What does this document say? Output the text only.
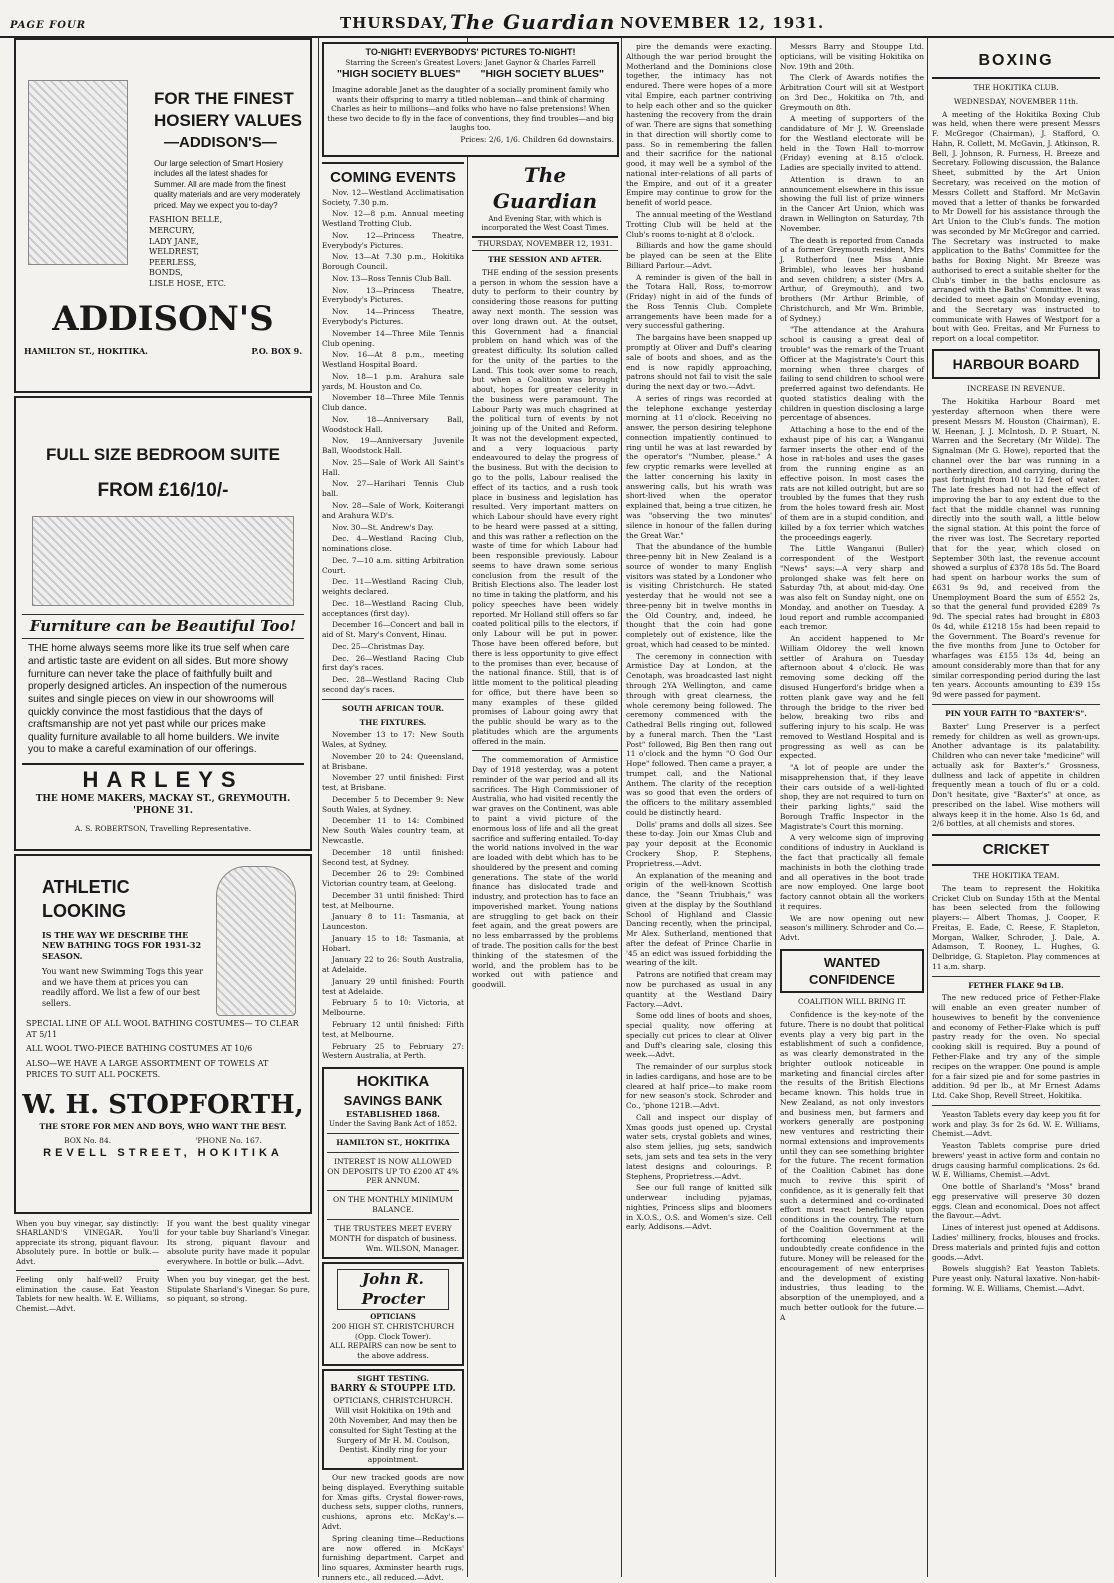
PAGE FOUR	THURSDAY, The Guardian NOVEMBER 12, 1931.
FOR THE FINEST
HOSIERY VALUES
—ADDISON'S—
Our large selection of Smart Hosiery includes all the latest shades for Summer. All are made from the finest quality materials and are very moderately priced. May we expect you to-day?
FASHION BELLE,
MERCURY,
LADY JANE,
WELDREST,
PEERLESS,
BONDS,
LISLE HOSE, ETC.
ADDISON'S
HAMILTON ST., HOKITIKA.	P.O. BOX 9.
FULL SIZE BEDROOM SUITE
FROM £16/10/-
Furniture can be Beautiful Too!
THE home always seems more like its true self when care and artistic taste are evident on all sides. But more showy furniture can never take the place of faithfully built and properly designed articles. An inspection of the numerous suites and single pieces on view in our showrooms will quickly convince the most fastidious that the days of craftsmanship are not yet past while our prices make quality furniture available to all home builders. We invite you to make a careful examination of our offerings.
HARLEYS
THE HOME MAKERS, MACKAY ST., GREYMOUTH. 'PHONE 31.
A. S. ROBERTSON, Travelling Representative.
ATHLETIC
LOOKING
IS THE WAY WE DESCRIBE THE NEW BATHING TOGS FOR 1931-32 SEASON.
You want new Swimming Togs this year and we have them at prices you can readily afford. We list a few of our best sellers.
SPECIAL LINE OF ALL WOOL BATHING COSTUMES— TO CLEAR AT 5/11
ALL WOOL TWO-PIECE BATHING COSTUMES AT 10/6
ALSO—WE HAVE A LARGE ASSORTMENT OF TOWELS AT PRICES TO SUIT ALL POCKETS.
W. H. STOPFORTH,
THE STORE FOR MEN AND BOYS, WHO WANT THE BEST.
BOX No. 84.	'PHONE No. 167.
REVELL STREET, HOKITIKA
When you buy vinegar, say distinctly: SHARLAND'S VINEGAR. You'll appreciate its strong, piquant flavour. Absolutely pure. In bottle or bulk.—Advt.
Feeling only half-well? Fruity elimination the cause. Eat Yeaston Tablets for new health. W. E. Williams, Chemist.—Advt.
If you want the best quality vinegar for your table buy Sharland's Vinegar. Its strong, piquant flavour and absolute purity have made it popular everywhere. In bottle or bulk.—Advt.
When you buy vinegar, get the best. Stipulate Sharland's Vinegar. So pure, so piquant, so strong.
TO-NIGHT! EVERYBODYS' PICTURES TO-NIGHT!
Starring the Screen's Greatest Lovers: Janet Gaynor & Charles Farrell
"HIGH SOCIETY BLUES" "HIGH SOCIETY BLUES"
Imagine adorable Janet as the daughter of a socially prominent family who wants their offspring to marry a titled nobleman—and think of charming Charles as heir to millions—and folks who have no false pretensions! When these two decide to fly in the face of conventions, they find troubles—and big laughs too.
Prices: 2/6, 1/6. Children 6d downstairs.
COMING EVENTS
Nov. 12—Westland Acclimatisation Society, 7.30 p.m.
Nov. 12—8 p.m. Annual meeting Westland Trotting Club.
Nov. 12—Princess Theatre, Everybody's Pictures.
Nov. 13—At 7.30 p.m., Hokitika Borough Council.
Nov. 13—Ross Tennis Club Ball.
Nov. 13—Princess Theatre, Everybody's Pictures.
Nov. 14—Princess Theatre, Everybody's Pictures.
November 14—Three Mile Tennis Club opening.
Nov. 16—At 8 p.m., meeting Westland Hospital Board.
Nov. 18—1 p.m. Arahura sale yards, M. Houston and Co.
November 18—Three Mile Tennis Club dance.
Nov. 18—Anniversary Ball, Woodstock Hall.
Nov. 19—Anniversary Juvenile Ball, Woodstock Hall.
Nov. 25—Sale of Work All Saint's Hall.
Nov. 27—Harihari Tennis Club ball.
Nov. 28—Sale of Work, Koiterangi and Arahura W.D's.
Nov. 30—St. Andrew's Day.
Dec. 4—Westland Racing Club, nominations close.
Dec. 7—10 a.m. sitting Arbitration Court.
Dec. 11—Westland Racing Club, weights declared.
Dec. 18—Westland Racing Club, acceptances (first day).
December 16—Concert and ball in aid of St. Mary's Convent, Hinau.
Dec. 25—Christmas Day.
Dec. 26—Westland Racing Club first day's races.
Dec. 28—Westland Racing Club second day's races.
SOUTH AFRICAN TOUR.
THE FIXTURES.
November 13 to 17: New South Wales, at Sydney.
November 20 to 24: Queensland, at Brisbane.
November 27 until finished: First test, at Brisbane.
December 5 to December 9: New South Wales, at Sydney.
December 11 to 14: Combined New South Wales country team, at Newcastle.
December 18 until finished: Second test, at Sydney.
December 26 to 29: Combined Victorian country team, at Geelong.
December 31 until finished: Third test, at Melbourne.
January 8 to 11: Tasmania, at Launceston.
January 15 to 18: Tasmania, at Hobart.
January 22 to 26: South Australia, at Adelaide.
January 29 until finished: Fourth test at Adelaide.
February 5 to 10: Victoria, at Melbourne.
February 12 until finished: Fifth test, at Melbourne.
February 25 to February 27: Western Australia, at Perth.
HOKITIKA
SAVINGS BANK
ESTABLISHED 1868.
Under the Saving Bank Act of 1852.
HAMILTON ST., HOKITIKA
INTEREST IS NOW ALLOWED ON DEPOSITS UP TO £200 AT 4% PER ANNUM.
ON THE MONTHLY MINIMUM BALANCE.
THE TRUSTEES MEET EVERY MONTH for dispatch of business.
Wm. WILSON, Manager.
John R. Procter
OPTICIANS
200 HIGH ST. CHRISTCHURCH
(Opp. Clock Tower).
ALL REPAIRS can now be sent to the above address.
SIGHT TESTING.
BARRY & STOUPPE LTD.
OPTICIANS, CHRISTCHURCH.
Will visit Hokitika on 19th and 20th November, And may then be consulted for Sight Testing at the Surgery of Mr H. M. Coulson, Dentist. Kindly ring for your appointment.
Our new tracked goods are now being displayed. Everything suitable for Xmas gifts. Crystal flower-rows, duchess sets, supper cloths, runners, cushions, aprons etc. McKay's.—Advt.
Spring cleaning time—Reductions are now offered in McKays' furnishing department. Carpet and lino squares, Axminster hearth rugs, runners etc., all reduced.—Advt.
The Guardian
And Evening Star, with which is incorporated the West Coast Times.
THURSDAY, NOVEMBER 12, 1931.
THE SESSION AND AFTER.
THE ending of the session presents a person in whom the session have a duty to perform to their country by considering those reasons for putting away next month. The session was over long drawn out. At the outset, this Government had a financial problem on hand which was of the greatest difficulty. Its solution called for the unity of the parties to the Land. This took over some to reach, but when a Coalition was brought about, hopes for greater celerity in the business were paramount. The Labour Party was much chagrined at the political turn of events by not joining up of the United and Reform. It was not the development expected, and a very loquacious party endeavoured to delay the progress of the business. But with the decision to go to the polls, Labour realised the effect of its tactics, and a rush took place in business and legislation has resulted. Very important matters on which Labour should have every right to be heard were passed at a sitting, and this was rather a reflection on the waste of time for which Labour had been responsible previously. Labour seems to have drawn some serious conclusion from the result of the British Elections also. The leader lost no time in taking the platform, and his policy speeches have been widely reported. Mr Holland still offers so far coated political pills to the electors, if only Labour will be put in power. Those have been offered before, but there is less opportunity to give effect to the promises than ever, because of the national finance. Still, that is of little moment to the political pleading for office, but there have been so many examples of these gilded promises of Labour going awry that the public should be wary as to the platitudes which are the arguments offered in the main.
The commemoration of Armistice Day of 1918 yesterday, was a potent reminder of the war period and all its sacrifices. The High Commissioner of Australia, who had visited recently the war graves on the Continent, was able to paint a vivid picture of the enormous loss of life and all the great sacrifice and suffering entailed. To-day the world nations involved in the war are loaded with debt which has to be shouldered by the present and coming generations. The state of the world finance has dislocated trade and industry, and protection has to face an impoverished market. Young nations are struggling to get back on their feet again, and the great powers are no less embarrassed by the problems of trade. The position calls for the best thinking of the statesmen of the world, and the problem has to be worked out with patience and goodwill.
pire the demands were exacting. Although the war period brought the Motherland and the Dominions close together, the intimacy has not endured. There were hopes of a more vital Empire, each partner contriving to help each other and so the quicker hastening the recovery from the drain of war. There are signs that something in that direction will shortly come to pass. So in remembering the fallen and their sacrifice for the national good, it may well be a symbol of the national inter-relations of all parts of the Empire, and out of it a greater Empire may continue to grow for the benefit of world peace.
The annual meeting of the Westland Trotting Club will be held at the Club's rooms to-night at 8 o'clock.
Billiards and how the game should be played can be seen at the Elite Billiard Parlour.—Advt.
A reminder is given of the ball in the Totara Hall, Ross, to-morrow (Friday) night in aid of the funds of the Ross Tennis Club. Complete arrangements have been made for a very successful gathering.
The bargains have been snapped up promptly at Oliver and Duff's clearing sale of boots and shoes, and as the end is now rapidly approaching, patrons should not fail to visit the sale during the next day or two.—Advt.
A series of rings was recorded at the telephone exchange yesterday morning at 11 o'clock. Receiving no answer, the person desiring telephone connection impatiently continued to ring until he was at last rewarded by the operator's "Number, please." A few cryptic remarks were levelled at the latter concerning his laxity in answering calls, but his wrath was short-lived when the operator explained that, being a true citizen, he was "observing the two minutes' silence in honour of the fallen during the Great War."
That the abundance of the humble three-penny bit in New Zealand is a source of wonder to many English visitors was stated by a Londoner who is visiting Christchurch. He stated yesterday that he would not see a three-penny bit in twelve months in the Old Country, and, indeed, he thought that the coin had gone completely out of existence, like the groat, which had ceased to be minted.
The ceremony in connection with Armistice Day at London, at the Cenotaph, was broadcasted last night through 2YA Wellington, and came through with great clearness, the whole ceremony being followed. The ceremony commenced with the Cathedral Bells ringing out, followed by a funeral march. Then the "Last Post" followed, Big Ben then rang out 11 o'clock and the hymn "O God Our Hope" followed. Then came a prayer, a trumpet call, and the National Anthem. The clarity of the reception was so good that even the orders of the officers to the military assembled could be distinctly heard.
Dolls' prams and dolls all sizes. See these to-day. Join our Xmas Club and pay your deposit at the Economic Crockery Shop, P. Stephens, Proprietress.—Advt.
An explanation of the meaning and origin of the well-known Scottish dance, the "Seann Triubhais," was given at the display by the Southland School of Highland and Classic Dancing recently, when the principal, Mr Alex. Sutherland, mentioned that after the defeat of Prince Charlie in '45 an edict was issued forbidding the wearing of the kilt.
Patrons are notified that cream may now be purchased as usual in any quantity at the Westland Dairy Factory.—Advt.
Some odd lines of boots and shoes, special quality, now offering at specially cut prices to clear at Oliver and Duff's clearing sale, closing this week.—Advt.
The remainder of our surplus stock in ladies cardigans, and hose are to be cleared at half price—to make room for new season's stock. Schroder and Co., 'phone 121B.—Advt.
Call and inspect our display of Xmas goods just opened up. Crystal water sets, crystal goblets and wines, also stem jellies, jug sets, sandwich sets, jam sets and tea sets in the very latest designs and colourings. P. Stephens, Proprietress.—Advt.
See our full range of knitted silk underwear including pyjamas, nighties, Princess slips and bloomers in X.O.S., O.S. and Women's size. Cell early, Addisons.—Advt.
Messrs Barry and Stouppe Ltd. opticians, will be visiting Hokitika on Nov. 19th and 20th.
The Clerk of Awards notifies the Arbitration Court will sit at Westport on 3rd Dec., Hokitika on 7th, and Greymouth on 8th.
A meeting of supporters of the candidature of Mr J. W. Greenslade for the Westland electorate will be held in the Town Hall to-morrow (Friday) evening at 8.15 o'clock. Ladies are specially invited to attend.
Attention is drawn to an announcement elsewhere in this issue showing the full list of prize winners in the Cancer Art Union, which was drawn in Wellington on Saturday, 7th November.
The death is reported from Canada of a former Greymouth resident, Mrs J. Rutherford (nee Miss Annie Brimble), who leaves her husband and seven children; a sister (Mrs A. Arthur, of Greymouth), and two brothers (Mr Arthur Brimble, of Christchurch, and Mr Wm. Brimble, of Sydney.)
"The attendance at the Arahura school is causing a great deal of trouble" was the remark of the Truant Officer at the Magistrate's Court this morning when three charges of failing to send children to school were preferred against two defendants. He quoted statistics dealing with the children in question disclosing a large percentage of absences.
Attaching a hose to the end of the exhaust pipe of his car, a Wanganui farmer inserts the other end of the hose in rat-holes and uses the gases from the running engine as an effective poison. In most cases the rats are not killed outright, but are so troubled by the fumes that they rush from the holes toward fresh air. Most of them are in a stupid condition, and killed by a fox terrier which watches the proceedings eagerly.
The Little Wanganui (Buller) correspondent of the Westport "News" says:—A very sharp and prolonged shake was felt here on Saturday 7th, at about mid-day. One was also felt on Sunday night, one on Monday, and another on Tuesday. A loud report and rumble accompanied each tremor.
An accident happened to Mr William Oldorey the well known settler of Arahura on Tuesday afternoon about 4 o'clock. He was removing some decking off the disused Hungerford's bridge when a rotten plank gave way and he fell through the bridge to the river bed below, breaking two ribs and suffering injury to his scalp. He was removed to Westland Hospital and is progressing as well as can be expected.
"A lot of people are under the misapprehension that, if they leave their cars outside of a well-lighted shop, they are not required to turn on their parking lights," said the Borough Traffic Inspector in the Magistrate's Court this morning.
A very welcome sign of improving conditions of industry in Auckland is the fact that practically all female machinists in both the clothing trade and all operatives in the boot trade are now employed. One large boot factory cannot obtain all the workers it requires.
We are now opening out new season's millinery. Schroder and Co.—Advt.
WANTED CONFIDENCE
COALITION WILL BRING IT.
Confidence is the key-note of the future. There is no doubt that political events play a very big part in the establishment of such a confidence, as was clearly demonstrated in the brighter outlook noticeable in marketing and financial circles after the results of the British Elections became known. This holds true in New Zealand, as not only investors and business men, but farmers and workers generally are postponing new ventures and restricting their normal extensions and improvements until they can see something brighter for the future. The recent formation of the Coalition Cabinet has done much to revive this spirit of confidence, as it is generally felt that such a determined and co-ordinated effort must react beneficially upon conditions in the country. The return of the Coalition Government at the forthcoming elections will undoubtedly create confidence in the future. Money will be released for the encouragement of new enterprises and the development of existing industries, thus leading to the absorption of the unemployed, and a much better outlook for the future.—A
BOXING
THE HOKITIKA CLUB.
WEDNESDAY, NOVEMBER 11th.
A meeting of the Hokitika Boxing Club was held, when there were present Messrs F. McGregor (Chairman), J. Stafford, O. Hahn, R. Collett, M. McGavin, J. Atkinson, R. Bell, J. Johnson, R. Furness, H. Breeze and Secretary. Following discussion, the Balance Sheet, submitted by the Art Union Secretary, was received on the motion of Messrs Collett and Stafford. Mr McGavin moved that a letter of thanks be forwarded to Mr Dowell for his assistance through the Art Union to the Club's funds. The motion was seconded by Mr McGregor and carried. The Secretary was instructed to make application to the Baths' Committee for the baths for Boxing Night. Mr Breeze was authorised to erect a suitable shelter for the Club's timber in the baths enclosure as arranged with the Baths' Committee. It was decided to meet again on Monday evening, and the Secretary was instructed to communicate with Hawes of Westport for a bout with Geo. Freitas, and Mr Furness to report on a local competitor.
HARBOUR BOARD
INCREASE IN REVENUE.
The Hokitika Harbour Board met yesterday afternoon when there were present Messrs M. Houston (Chairman), E. W. Heenan, J. J. McIntosh, D. P. Stuart, N. Warren and the Secretary (Mr Wilde). The Signalman (Mr G. Howe), reported that the channel over the bar was running in a northerly direction, and carrying, during the past fortnight from 10 to 12 feet of water. The late freshes had not had the effect of improving the bar to any extent due to the fact that the middle channel was running directly into the south wall, a little below the signal station. At this point the force of the river was lost. The Secretary reported that for the year, which closed on September 30th last, the revenue account showed a surplus of £378 18s 5d. The Board had spent on harbour works the sum of £631 9s 9d, and received from the Unemployment Board the sum of £552 2s, so that the general fund provided £289 7s 9d. The special rates had brought in £803 0s 4d, while £1218 15s had been repaid to the Government. The Board's revenue for the five months from June to October for wharfages was £155 13s 4d, being an amount considerably more than that for any similar corresponding period during the last ten years. Accounts amounting to £39 15s 9d were passed for payment.
PIN YOUR FAITH TO "BAXTER'S".
Baxter' Lung Preserver is a perfect remedy for children as well as grown-ups. Another advantage is its palatability. Children who can never take "medicine" will actually ask for Baxter's." Grossness, dullness and lack of appetite in children frequently mean a touch of flu or a cold. Don't hesitate, give "Baxter's" at once, as prescribed on the label. Wise mothers will always keep it in the home. Also 1s 6d, and 2/6 bottles, at all chemists and stores.
CRICKET
THE HOKITIKA TEAM.
The team to represent the Hokitika Cricket Club on Sunday 15th at the Mental has been selected from the following players:— Albert Thomas, J. Cooper, F. Freitas, E. Eade, C. Reese, F. Stapleton, Morgan, Walker, Schroder, J. Dale, A. Adamson, T. Rooney, L. Hughes, G. Delbridge, G. Stapleton. Play commences at 11 a.m. sharp.
FETHER FLAKE 9d LB.
The new reduced price of Fether-Flake will enable an even greater number of housewives to benefit by the convenience and economy of Fether-Flake which is puff pastry ready for the oven. No special cooking skill is required. Buy a pound of Fether-Flake and try any of the simple recipes on the wrapper. One pound is ample for a fair sized pie and for some pastries in addition. 9d per lb., at Mr Ernest Adams Ltd. Cake Shop, Revell Street, Hokitika.
Yeaston Tablets every day keep you fit for work and play. 3s for 2s 6d. W. E. Williams, Chemist.—Advt.
Yeaston Tablets comprise pure dried brewers' yeast in active form and contain no drugs causing harmful complications. 2s 6d. W. E. Williams, Chemist.—Advt.
One bottle of Sharland's "Moss" brand egg preservative will preserve 30 dozen eggs. Clean and economical. Does not affect the flavour.—Advt.
Lines of interest just opened at Addisons. Ladies' millinery, frocks, blouses and frocks. Dress materials and printed fujis and cotton goods.—Advt.
Bowels sluggish? Eat Yeaston Tablets. Pure yeast only. Natural laxative. Non-habit-forming. W. E. Williams, Chemist.—Advt.
